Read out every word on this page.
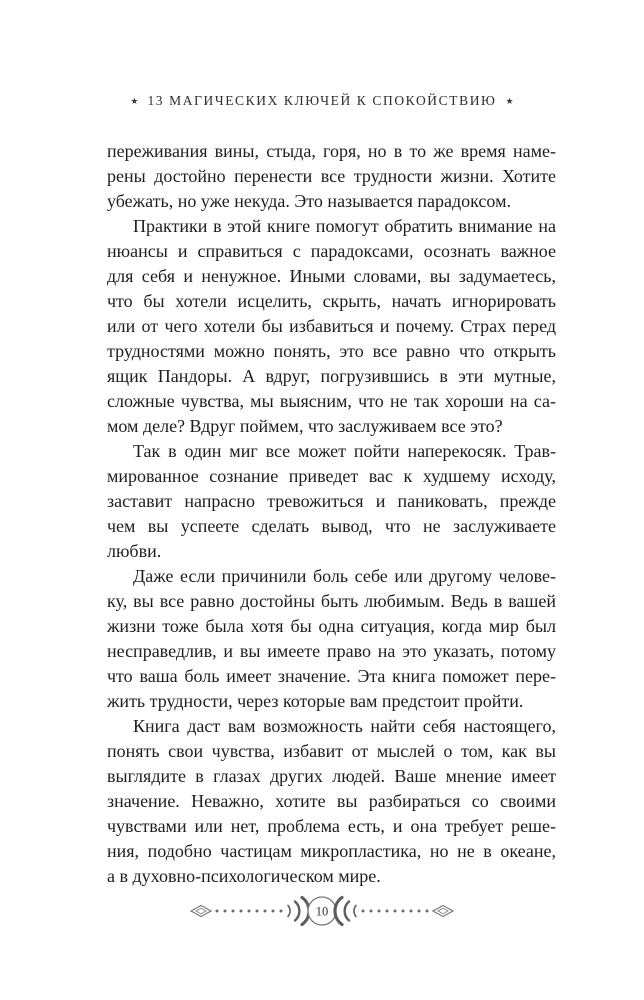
★ 13 МАГИЧЕСКИХ КЛЮЧЕЙ К СПОКОЙСТВИЮ ★
переживания вины, стыда, горя, но в то же время наме-
рены достойно перенести все трудности жизни. Хотите
убежать, но уже некуда. Это называется парадоксом.
Практики в этой книге помогут обратить внимание на
нюансы и справиться с парадоксами, осознать важное
для себя и ненужное. Иными словами, вы задумаетесь,
что бы хотели исцелить, скрыть, начать игнорировать
или от чего хотели бы избавиться и почему. Страх перед
трудностями можно понять, это все равно что открыть
ящик Пандоры. А вдруг, погрузившись в эти мутные,
сложные чувства, мы выясним, что не так хороши на са-
мом деле? Вдруг поймем, что заслуживаем все это?
Так в один миг все может пойти наперекосяк. Трав-
мированное сознание приведет вас к худшему исходу,
заставит напрасно тревожиться и паниковать, прежде
чем вы успеете сделать вывод, что не заслуживаете
любви.
Даже если причинили боль себе или другому челове-
ку, вы все равно достойны быть любимым. Ведь в вашей
жизни тоже была хотя бы одна ситуация, когда мир был
несправедлив, и вы имеете право на это указать, потому
что ваша боль имеет значение. Эта книга поможет пере-
жить трудности, через которые вам предстоит пройти.
Книга даст вам возможность найти себя настоящего,
понять свои чувства, избавит от мыслей о том, как вы
выглядите в глазах других людей. Ваше мнение имеет
значение. Неважно, хотите вы разбираться со своими
чувствами или нет, проблема есть, и она требует реше-
ния, подобно частицам микропластика, но не в океане,
а в духовно-психологическом мире.
10
